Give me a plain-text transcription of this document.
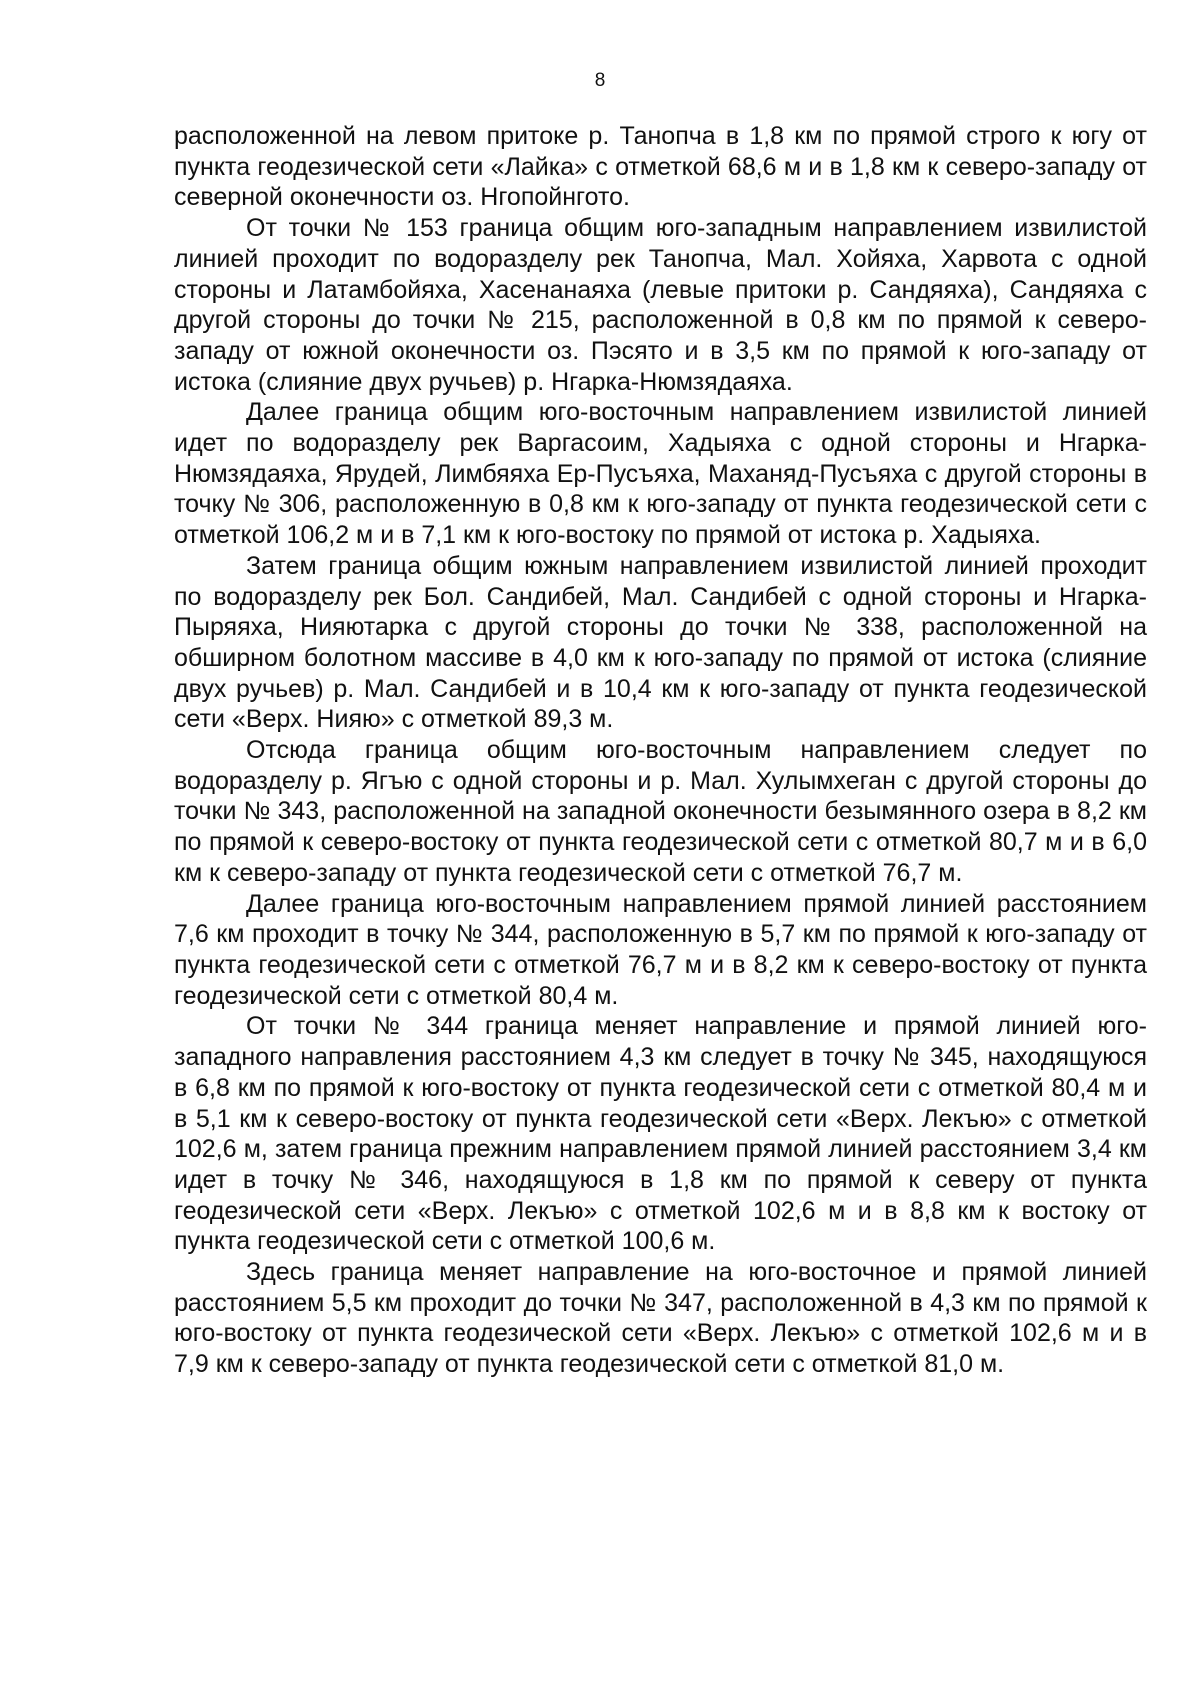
8

расположенной на левом притоке р. Танопча в 1,8 км по прямой строго к югу от пункта геодезической сети «Лайка» с отметкой 68,6 м и в 1,8 км к северо-западу от северной оконечности оз. Нгопойнгото.

От точки № 153 граница общим юго-западным направлением извилистой линией проходит по водоразделу рек Танопча, Мал. Хойяха, Харвота с одной стороны и Латамбойяха, Хасенанаяха (левые притоки р. Сандяяха), Сандяяха с другой стороны до точки № 215, расположенной в 0,8 км по прямой к северо-западу от южной оконечности оз. Пэсято и в 3,5 км по прямой к юго-западу от истока (слияние двух ручьев) р. Нгарка-Нюмзядаяха.

Далее граница общим юго-восточным направлением извилистой линией идет по водоразделу рек Варгасоим, Хадыяха с одной стороны и Нгарка-Нюмзядаяха, Ярудей, Лимбяяха Ер-Пусъяха, Маханяд-Пусъяха с другой стороны в точку № 306, расположенную в 0,8 км к юго-западу от пункта геодезической сети с отметкой 106,2 м и в 7,1 км к юго-востоку по прямой от истока р. Хадыяха.

Затем граница общим южным направлением извилистой линией проходит по водоразделу рек Бол. Сандибей, Мал. Сандибей с одной стороны и Нгарка-Пыряяха, Нияютарка с другой стороны до точки № 338, расположенной на обширном болотном массиве в 4,0 км к юго-западу по прямой от истока (слияние двух ручьев) р. Мал. Сандибей и в 10,4 км к юго-западу от пункта геодезической сети «Верх. Нияю» с отметкой 89,3 м.

Отсюда граница общим юго-восточным направлением следует по водоразделу р. Ягъю с одной стороны и р. Мал. Хулымхеган с другой стороны до точки № 343, расположенной на западной оконечности безымянного озера в 8,2 км по прямой к северо-востоку от пункта геодезической сети с отметкой 80,7 м и в 6,0 км к северо-западу от пункта геодезической сети с отметкой 76,7 м.

Далее граница юго-восточным направлением прямой линией расстоянием 7,6 км проходит в точку № 344, расположенную в 5,7 км по прямой к юго-западу от пункта геодезической сети с отметкой 76,7 м и в 8,2 км к северо-востоку от пункта геодезической сети с отметкой 80,4 м.

От точки № 344 граница меняет направление и прямой линией юго-западного направления расстоянием 4,3 км следует в точку № 345, находящуюся в 6,8 км по прямой к юго-востоку от пункта геодезической сети с отметкой 80,4 м и в 5,1 км к северо-востоку от пункта геодезической сети «Верх. Лекъю» с отметкой 102,6 м, затем граница прежним направлением прямой линией расстоянием 3,4 км идет в точку № 346, находящуюся в 1,8 км по прямой к северу от пункта геодезической сети «Верх. Лекъю» с отметкой 102,6 м и в 8,8 км к востоку от пункта геодезической сети с отметкой 100,6 м.

Здесь граница меняет направление на юго-восточное и прямой линией расстоянием 5,5 км проходит до точки № 347, расположенной в 4,3 км по прямой к юго-востоку от пункта геодезической сети «Верх. Лекъю» с отметкой 102,6 м и в 7,9 км к северо-западу от пункта геодезической сети с отметкой 81,0 м.
